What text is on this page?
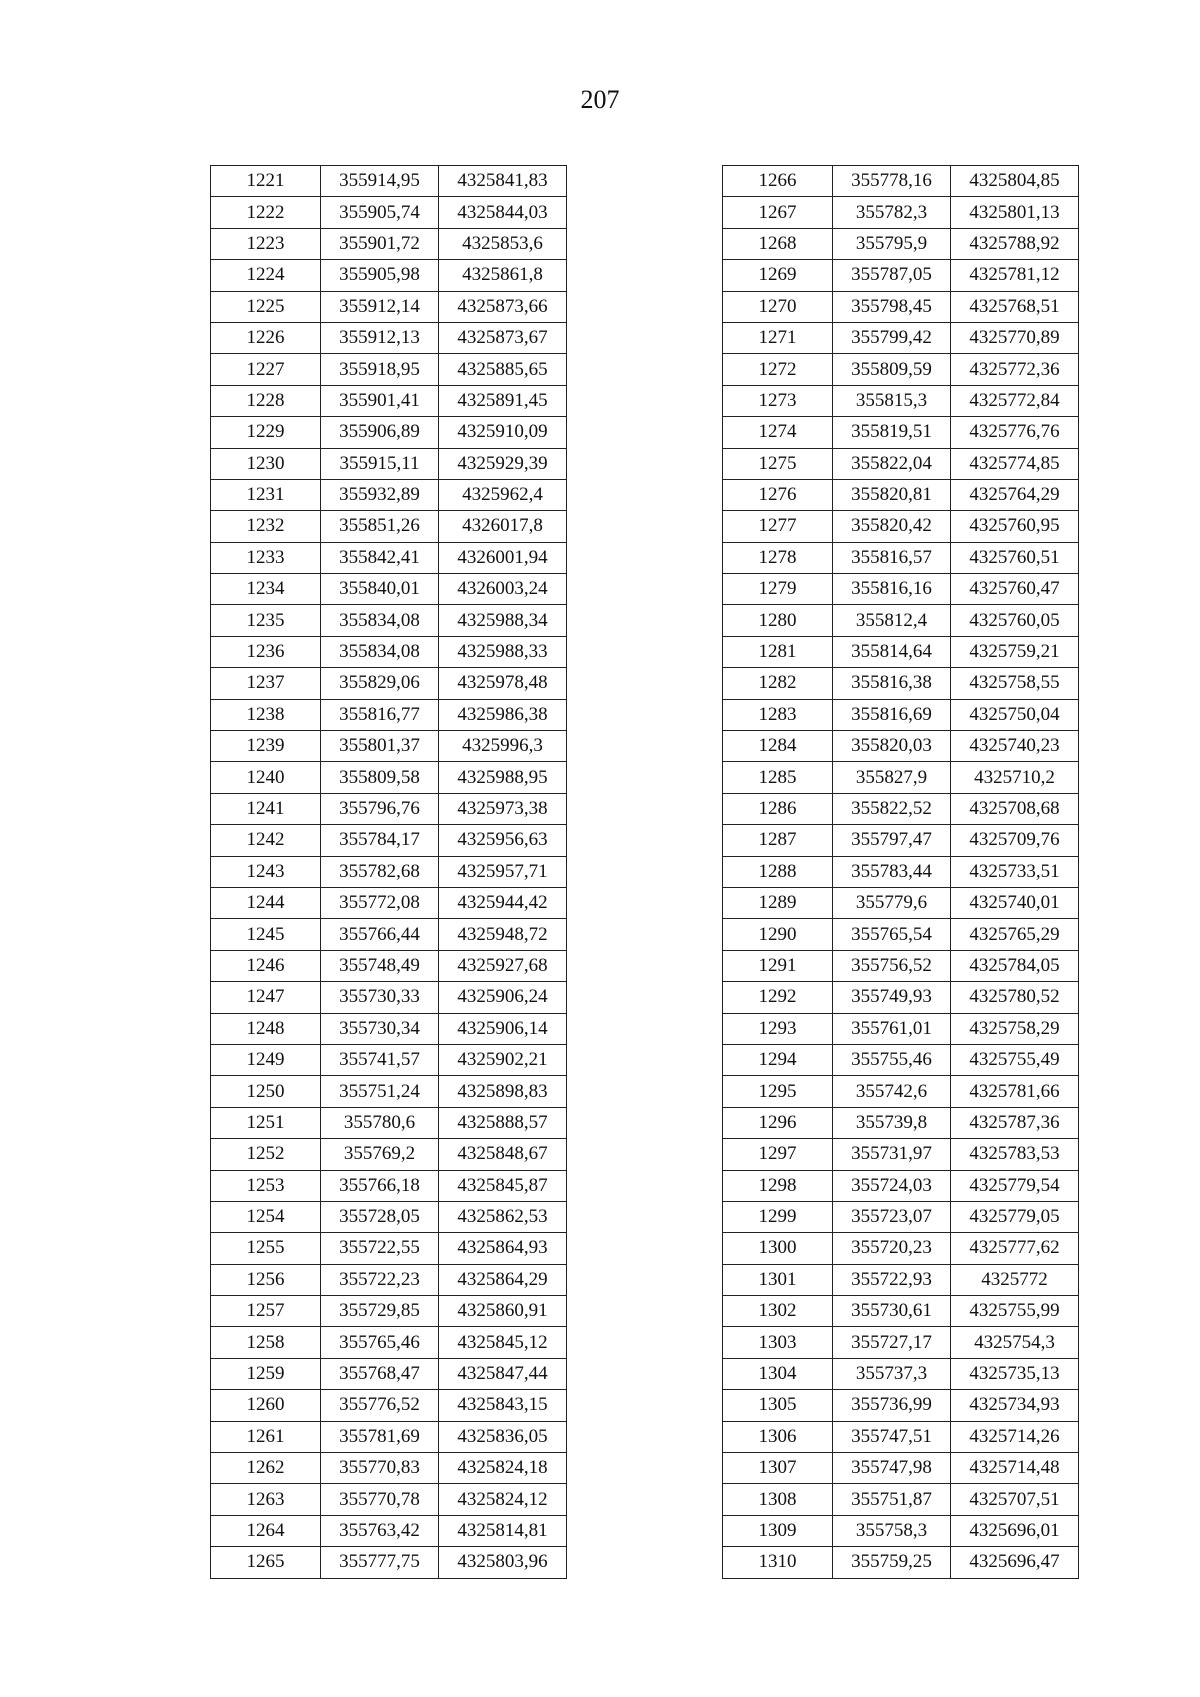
207
1221	355914,95	4325841,83
1222	355905,74	4325844,03
1223	355901,72	4325853,6
1224	355905,98	4325861,8
1225	355912,14	4325873,66
1226	355912,13	4325873,67
1227	355918,95	4325885,65
1228	355901,41	4325891,45
1229	355906,89	4325910,09
1230	355915,11	4325929,39
1231	355932,89	4325962,4
1232	355851,26	4326017,8
1233	355842,41	4326001,94
1234	355840,01	4326003,24
1235	355834,08	4325988,34
1236	355834,08	4325988,33
1237	355829,06	4325978,48
1238	355816,77	4325986,38
1239	355801,37	4325996,3
1240	355809,58	4325988,95
1241	355796,76	4325973,38
1242	355784,17	4325956,63
1243	355782,68	4325957,71
1244	355772,08	4325944,42
1245	355766,44	4325948,72
1246	355748,49	4325927,68
1247	355730,33	4325906,24
1248	355730,34	4325906,14
1249	355741,57	4325902,21
1250	355751,24	4325898,83
1251	355780,6	4325888,57
1252	355769,2	4325848,67
1253	355766,18	4325845,87
1254	355728,05	4325862,53
1255	355722,55	4325864,93
1256	355722,23	4325864,29
1257	355729,85	4325860,91
1258	355765,46	4325845,12
1259	355768,47	4325847,44
1260	355776,52	4325843,15
1261	355781,69	4325836,05
1262	355770,83	4325824,18
1263	355770,78	4325824,12
1264	355763,42	4325814,81
1265	355777,75	4325803,96
1266	355778,16	4325804,85
1267	355782,3	4325801,13
1268	355795,9	4325788,92
1269	355787,05	4325781,12
1270	355798,45	4325768,51
1271	355799,42	4325770,89
1272	355809,59	4325772,36
1273	355815,3	4325772,84
1274	355819,51	4325776,76
1275	355822,04	4325774,85
1276	355820,81	4325764,29
1277	355820,42	4325760,95
1278	355816,57	4325760,51
1279	355816,16	4325760,47
1280	355812,4	4325760,05
1281	355814,64	4325759,21
1282	355816,38	4325758,55
1283	355816,69	4325750,04
1284	355820,03	4325740,23
1285	355827,9	4325710,2
1286	355822,52	4325708,68
1287	355797,47	4325709,76
1288	355783,44	4325733,51
1289	355779,6	4325740,01
1290	355765,54	4325765,29
1291	355756,52	4325784,05
1292	355749,93	4325780,52
1293	355761,01	4325758,29
1294	355755,46	4325755,49
1295	355742,6	4325781,66
1296	355739,8	4325787,36
1297	355731,97	4325783,53
1298	355724,03	4325779,54
1299	355723,07	4325779,05
1300	355720,23	4325777,62
1301	355722,93	4325772
1302	355730,61	4325755,99
1303	355727,17	4325754,3
1304	355737,3	4325735,13
1305	355736,99	4325734,93
1306	355747,51	4325714,26
1307	355747,98	4325714,48
1308	355751,87	4325707,51
1309	355758,3	4325696,01
1310	355759,25	4325696,47
